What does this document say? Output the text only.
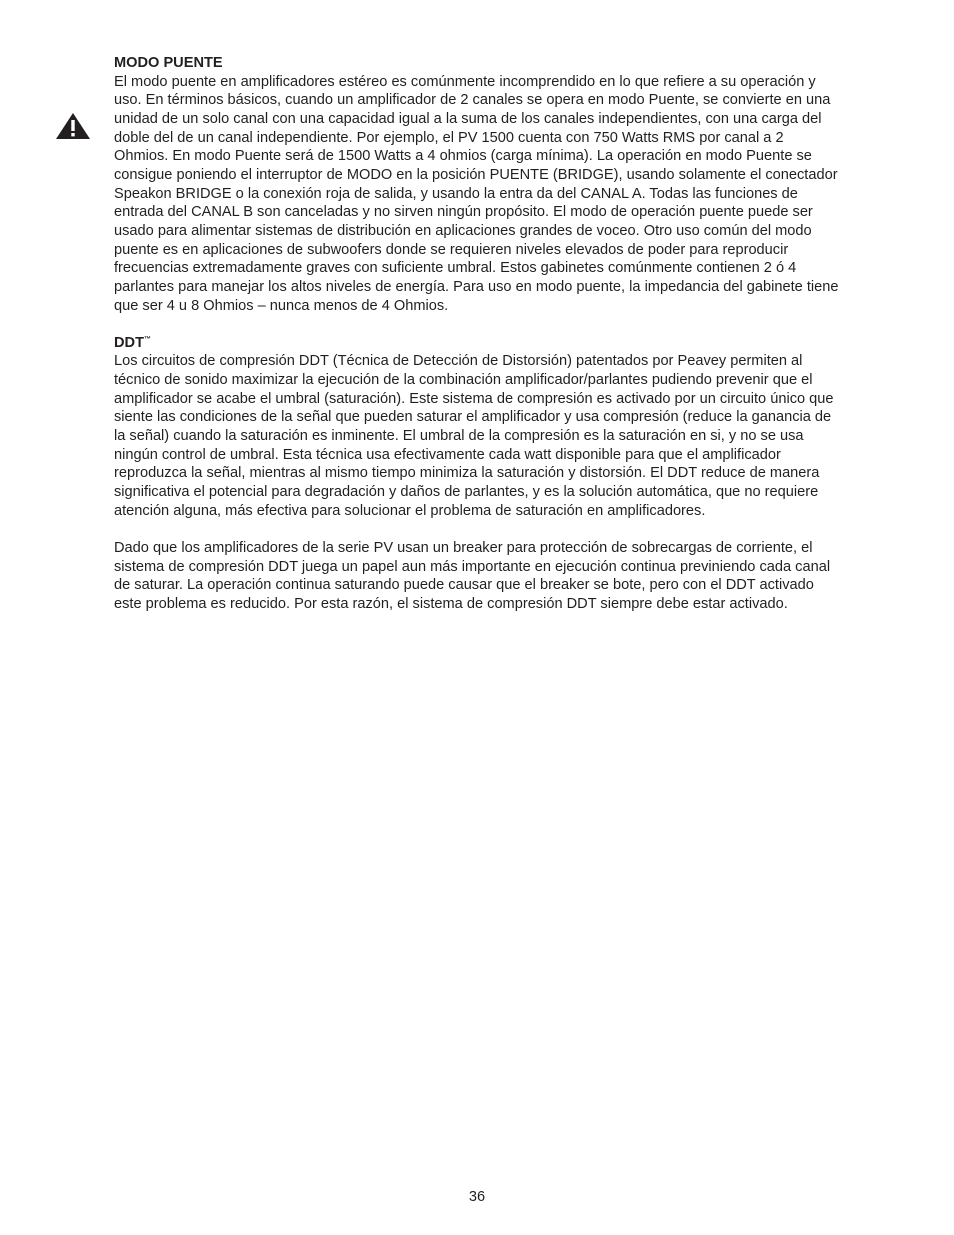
MODO PUENTE

El modo puente en amplificadores estéreo es comúnmente incomprendido en lo que refiere a su operación y
uso. En términos básicos, cuando un amplificador de 2 canales se opera en modo Puente, se convierte en una
unidad de un solo canal con una capacidad igual a la suma de los canales independientes, con una carga del
doble del de un canal independiente. Por ejemplo, el PV 1500 cuenta con 750 Watts RMS por canal a 2
Ohmios. En modo Puente será de 1500 Watts a 4 ohmios (carga mínima). La operación en modo Puente se
consigue poniendo el interruptor de MODO en la posición PUENTE (BRIDGE), usando solamente el conectador
Speakon BRIDGE o la conexión roja de salida, y usando la entra da del CANAL A. Todas las funciones de
entrada del CANAL B son canceladas y no sirven ningún propósito. El modo de operación puente puede ser
usado para alimentar sistemas de distribución en aplicaciones grandes de voceo. Otro uso común del modo
puente es en aplicaciones de subwoofers donde se requieren niveles elevados de poder para reproducir
frecuencias extremadamente graves con suficiente umbral. Estos gabinetes comúnmente contienen 2 ó 4
parlantes para manejar los altos niveles de energía. Para uso en modo puente, la impedancia del gabinete tiene
que ser 4 u 8 Ohmios – nunca menos de 4 Ohmios.

DDT™

Los circuitos de compresión DDT (Técnica de Detección de Distorsión) patentados por Peavey permiten al
técnico de sonido maximizar la ejecución de la combinación amplificador/parlantes pudiendo prevenir que el
amplificador se acabe el umbral (saturación). Este sistema de compresión es activado por un circuito único que
siente las condiciones de la señal que pueden saturar el amplificador y usa compresión (reduce la ganancia de
la señal) cuando la saturación es inminente. El umbral de la compresión es la saturación en si, y no se usa
ningún control de umbral. Esta técnica usa efectivamente cada watt disponible para que el amplificador
reproduzca la señal, mientras al mismo tiempo minimiza la saturación y distorsión. El DDT reduce de manera
significativa el potencial para degradación y daños de parlantes, y es la solución automática, que no requiere
atención alguna, más efectiva para solucionar el problema de saturación en amplificadores.

Dado que los amplificadores de la serie PV usan un breaker para protección de sobrecargas de corriente, el
sistema de compresión DDT juega un papel aun más importante en ejecución continua previniendo cada canal
de saturar. La operación continua saturando puede causar que el breaker se bote, pero con el DDT activado
este problema es reducido. Por esta razón, el sistema de compresión DDT siempre debe estar activado.

36
